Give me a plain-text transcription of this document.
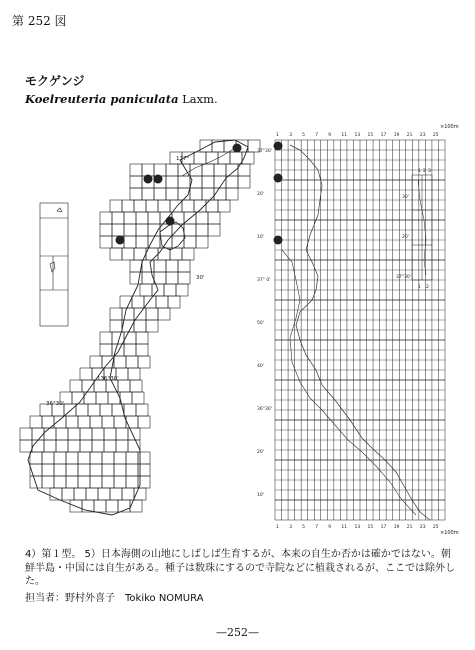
第 252 図
モクゲンジ
Koelreuteria paniculata Laxm.
137°
30'
136°30'
36°30'
1 3 5 7 9 11 13 15 17 19 21 23 25
1 3 5 7 9 11 13 15 17 19 21 23 25
37°30'
20'
10'
37° 0'
50'
40'
36°30'
20'
10'
×100m
×100m
1 2 3
30'
20'
37°30'
1 2
4）第１型。 5）日本海側の山地にしばしば生育するが、本来の自生か否かは確かではない。朝鮮半島・中国には自生がある。種子は数珠にするので寺院などに植栽されるが、ここでは除外した。
担当者：野村外喜子　Tokiko NOMURA
—252—
